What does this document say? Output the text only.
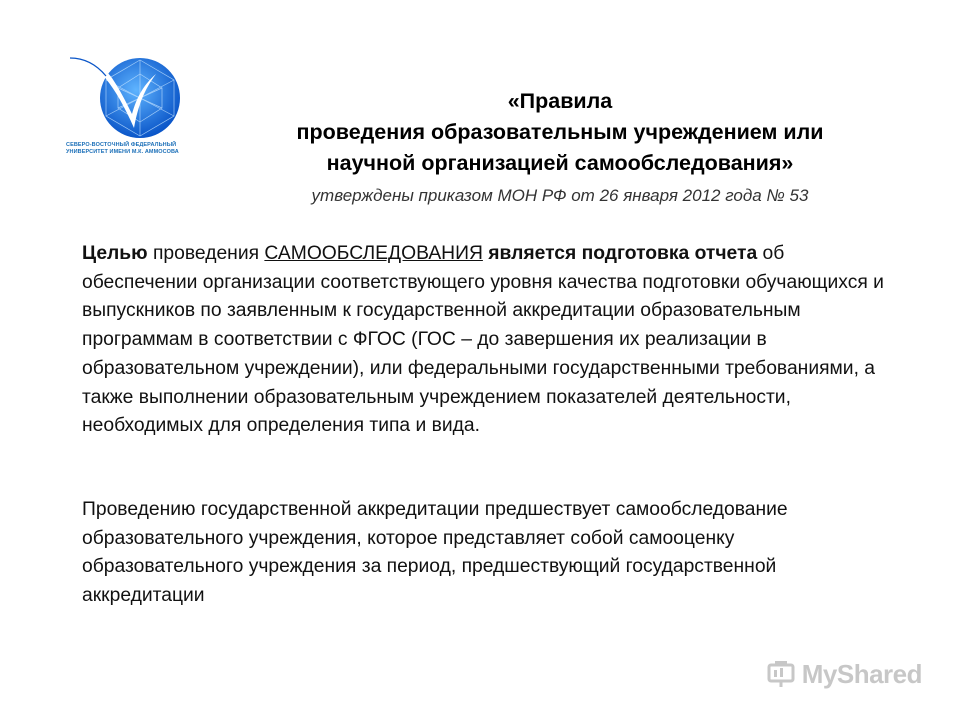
СЕВЕРО-ВОСТОЧНЫЙ ФЕДЕРАЛЬНЫЙ
УНИВЕРСИТЕТ ИМЕНИ М.К. АММОСОВА
«Правила
проведения образовательным учреждением или
научной организацией самообследования»
утверждены приказом МОН РФ от 26 января 2012 года № 53
Целью проведения САМООБСЛЕДОВАНИЯ является подготовка отчета об обеспечении организации соответствующего уровня качества подготовки обучающихся и выпускников по заявленным к государственной аккредитации образовательным программам в соответствии с ФГОС (ГОС – до завершения их реализации в образовательном учреждении), или федеральными государственными требованиями, а также выполнении образовательным учреждением показателей деятельности, необходимых для определения типа и вида.
Проведению государственной аккредитации предшествует самообследование образовательного учреждения, которое представляет собой самооценку образовательного учреждения за период, предшествующий государственной аккредитации
MyShared
